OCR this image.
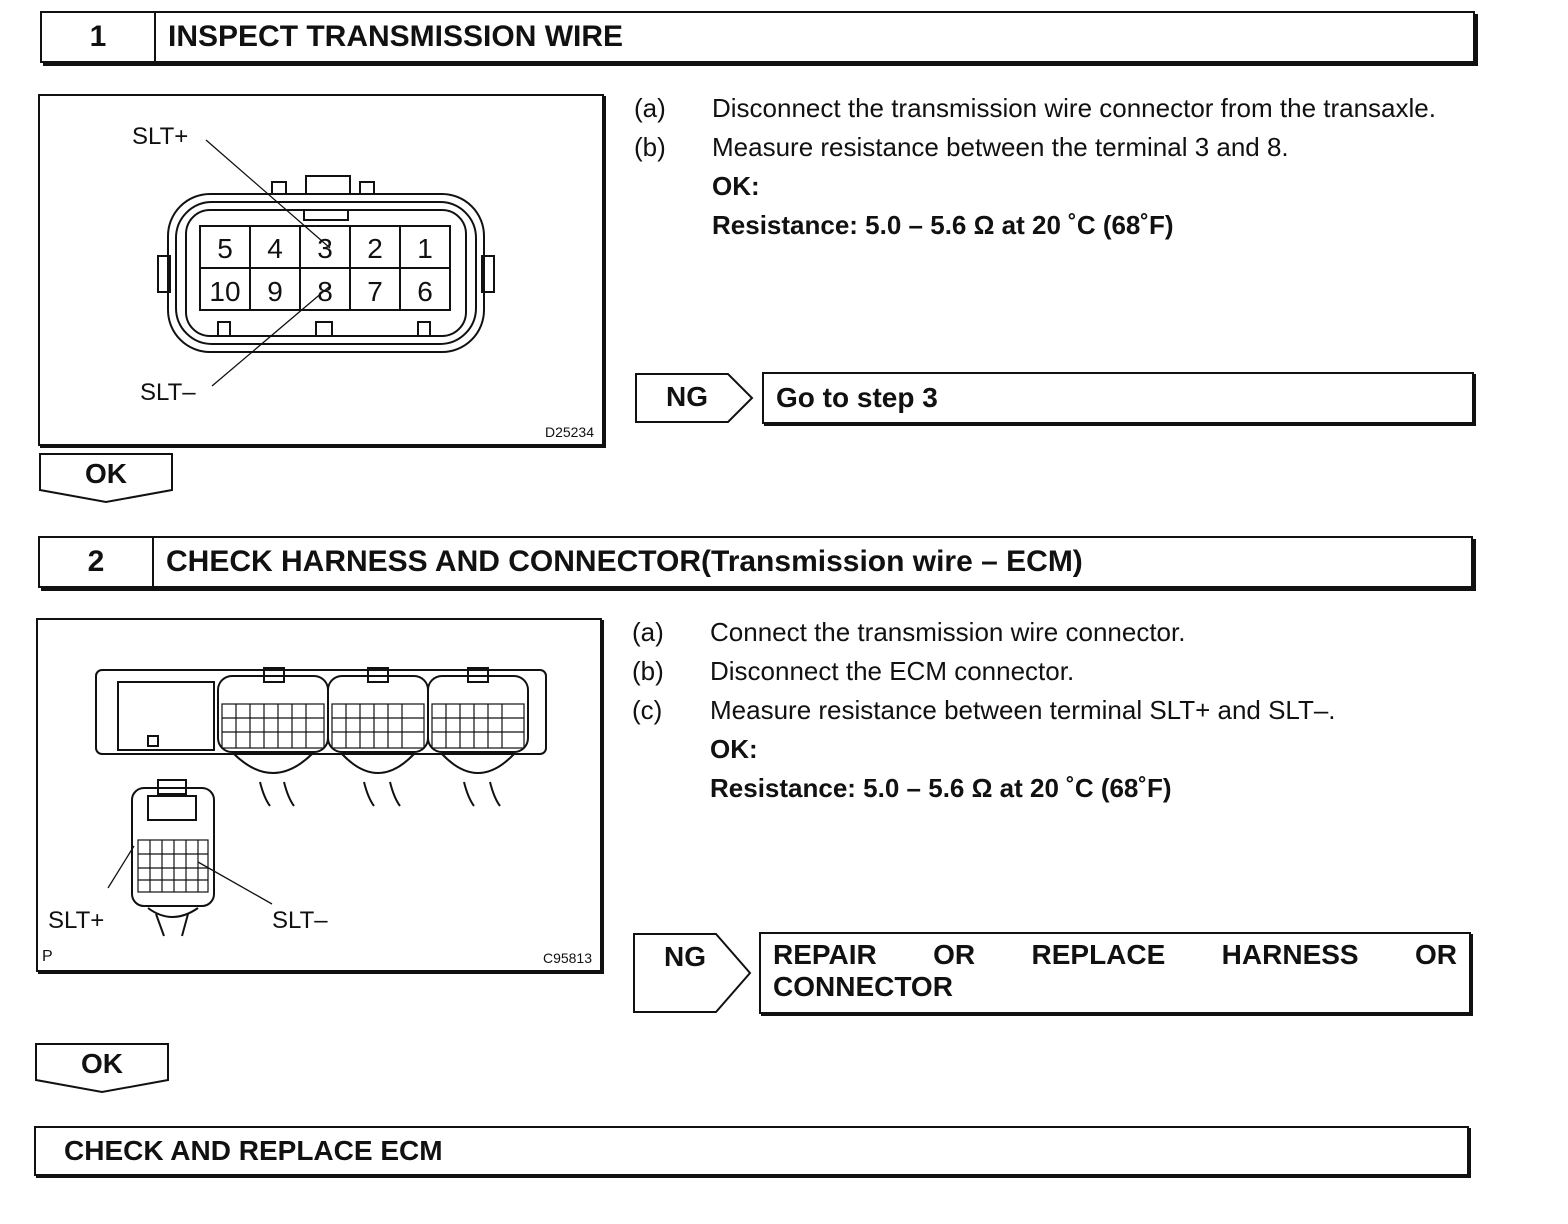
1	INSPECT TRANSMISSION WIRE
5 4 3 2 1
10 9 8 7 6
SLT+
SLT–
D25234
(a)	Disconnect the transmission wire connector from the transaxle.
(b)	Measure resistance between the terminal 3 and 8.
OK:
Resistance: 5.0 – 5.6 Ω at 20 ˚C (68˚F)
NG Go to step 3
OK
2	CHECK HARNESS AND CONNECTOR(Transmission wire – ECM)
SLT+	SLT–
P	C95813
(a)	Connect the transmission wire connector.
(b)	Disconnect the ECM connector.
(c)	Measure resistance between terminal SLT+ and SLT–.
OK:
Resistance: 5.0 – 5.6 Ω at 20 ˚C (68˚F)
NG REPAIR OR REPLACE HARNESS OR
CONNECTOR
OK
CHECK AND REPLACE ECM
